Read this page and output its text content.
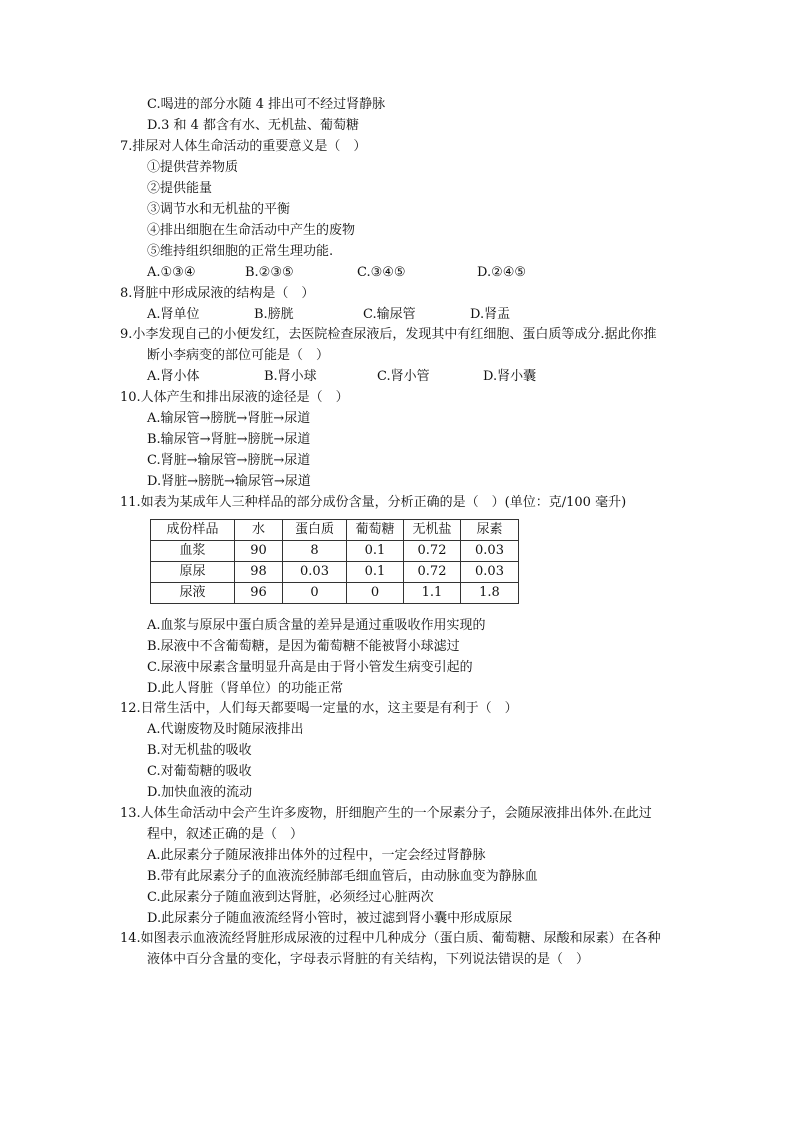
C.喝进的部分水随 4 排出可不经过肾静脉
D.3 和 4 都含有水、无机盐、葡萄糖
7.排尿对人体生命活动的重要意义是（　）
①提供营养物质
②提供能量
③调节水和无机盐的平衡
④排出细胞在生命活动中产生的废物
⑤维持组织细胞的正常生理功能.
A.①③④	B.②③⑤	C.③④⑤	D.②④⑤
8.肾脏中形成尿液的结构是（　）
A.肾单位	B.膀胱	C.输尿管	D.肾盂
9.小李发现自己的小便发红，去医院检查尿液后，发现其中有红细胞、蛋白质等成分.据此你推
断小李病变的部位可能是（　）
A.肾小体	B.肾小球	C.肾小管	D.肾小囊
10.人体产生和排出尿液的途径是（　）
A.输尿管→膀胱→肾脏→尿道
B.输尿管→肾脏→膀胱→尿道
C.肾脏→输尿管→膀胱→尿道
D.肾脏→膀胱→输尿管→尿道
11.如表为某成年人三种样品的部分成份含量，分析正确的是（　）(单位：克/100 毫升)
成份样品	水	蛋白质	葡萄糖	无机盐	尿素
血浆	90	8	0.1	0.72	0.03
原尿	98	0.03	0.1	0.72	0.03
尿液	96	0	0	1.1	1.8
A.血浆与原尿中蛋白质含量的差异是通过重吸收作用实现的
B.尿液中不含葡萄糖，是因为葡萄糖不能被肾小球滤过
C.尿液中尿素含量明显升高是由于肾小管发生病变引起的
D.此人肾脏（肾单位）的功能正常
12.日常生活中，人们每天都要喝一定量的水，这主要是有利于（　）
A.代谢废物及时随尿液排出
B.对无机盐的吸收
C.对葡萄糖的吸收
D.加快血液的流动
13.人体生命活动中会产生许多废物，肝细胞产生的一个尿素分子，会随尿液排出体外.在此过
程中，叙述正确的是（　）
A.此尿素分子随尿液排出体外的过程中，一定会经过肾静脉
B.带有此尿素分子的血液流经肺部毛细血管后，由动脉血变为静脉血
C.此尿素分子随血液到达肾脏，必须经过心脏两次
D.此尿素分子随血液流经肾小管时，被过滤到肾小囊中形成原尿
14.如图表示血液流经肾脏形成尿液的过程中几种成分（蛋白质、葡萄糖、尿酸和尿素）在各种
液体中百分含量的变化，字母表示肾脏的有关结构，下列说法错误的是（　）
